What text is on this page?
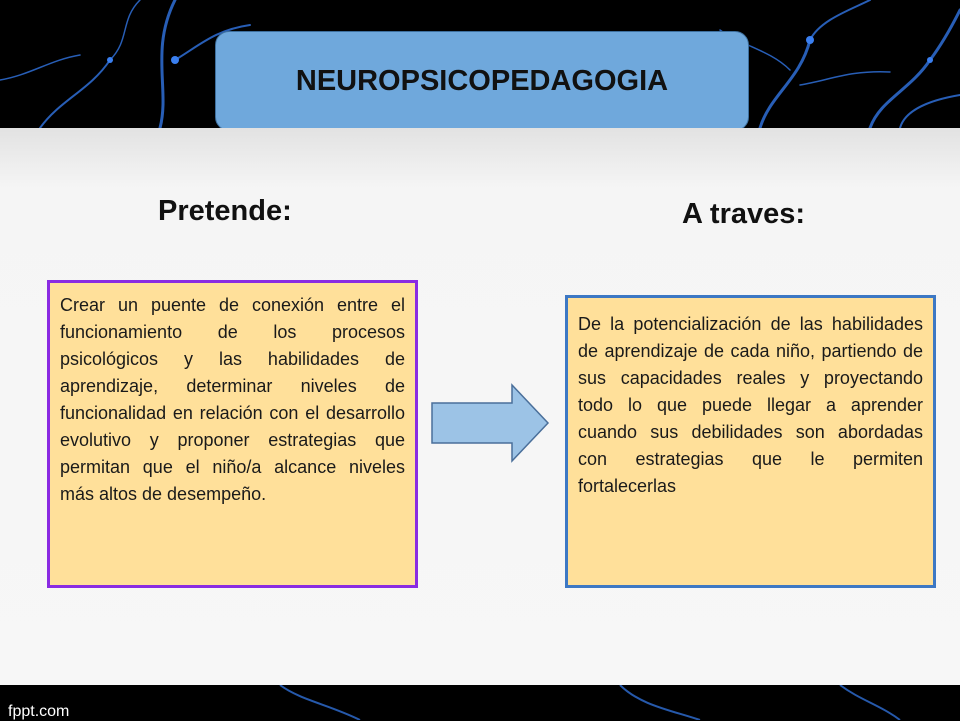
NEUROPSICOPEDAGOGIA
Pretende:	A traves:
Crear un puente de conexión entre el funcionamiento de los procesos psicológicos y las habilidades de aprendizaje, determinar niveles de funcionalidad en relación con el desarrollo evolutivo y proponer estrategias que permitan que el niño/a alcance niveles más altos de desempeño.
De la potencialización de las habilidades de aprendizaje de cada niño, partiendo de sus capacidades reales y proyectando todo lo que puede llegar a aprender cuando sus debilidades son abordadas con estrategias que le permiten fortalecerlas
fppt.com
